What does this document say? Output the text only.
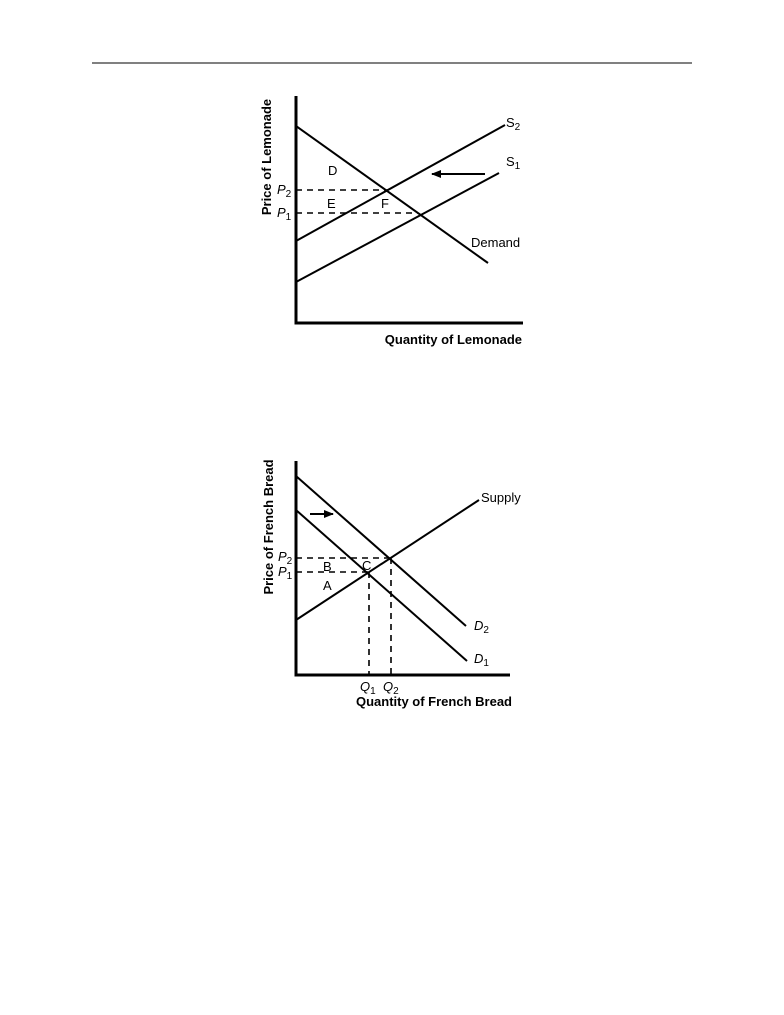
Price of Lemonade
Quantity of Lemonade
$P_2$
$P_1$
$S_2$
$S_1$
Demand
D
E	F
Price of French Bread
Quantity of French Bread
$P_2$
$P_1$
$Q_1$ $Q_2$
Supply
$D_2$
$D_1$
B C
A
